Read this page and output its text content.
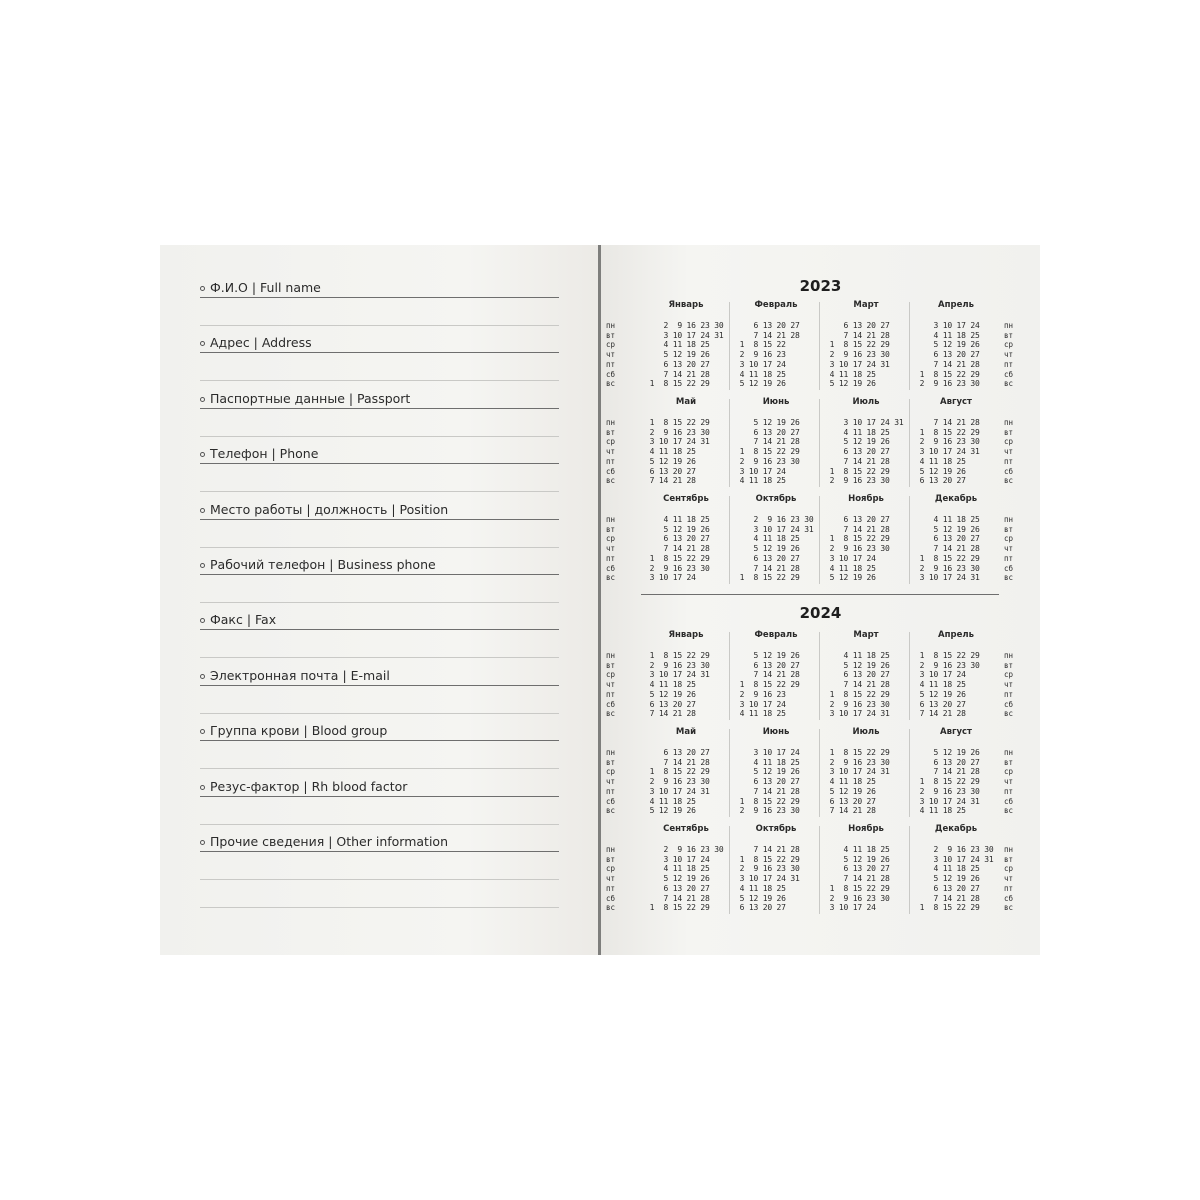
Ф.И.О | Full name
Адрес | Address
Паспортные данные | Passport
Телефон | Phone
Место работы | должность | Position
Рабочий телефон | Business phone
Факс | Fax
Электронная почта | E-mail
Группа крови | Blood group
Резус-фактор | Rh blood factor
Прочие сведения | Other information
2023
2024
пн
вт
ср
чт
пт
сб
вс
пн
вт
ср
чт
пт
сб
вс
Январь
2  9 16 23 30
3 10 17 24 31
4 11 18 25
5 12 19 26
6 13 20 27
7 14 21 28
1  8 15 22 29
Февраль
6 13 20 27
7 14 21 28
1  8 15 22
2  9 16 23
3 10 17 24
4 11 18 25
5 12 19 26
Март
6 13 20 27
7 14 21 28
1  8 15 22 29
2  9 16 23 30
3 10 17 24 31
4 11 18 25
5 12 19 26
Апрель
3 10 17 24
4 11 18 25
5 12 19 26
6 13 20 27
7 14 21 28
1  8 15 22 29
2  9 16 23 30
пн
вт
ср
чт
пт
сб
вс
пн
вт
ср
чт
пт
сб
вс
Май
1  8 15 22 29
2  9 16 23 30
3 10 17 24 31
4 11 18 25
5 12 19 26
6 13 20 27
7 14 21 28
Июнь
5 12 19 26
6 13 20 27
7 14 21 28
1  8 15 22 29
2  9 16 23 30
3 10 17 24
4 11 18 25
Июль
3 10 17 24 31
4 11 18 25
5 12 19 26
6 13 20 27
7 14 21 28
1  8 15 22 29
2  9 16 23 30
Август
7 14 21 28
1  8 15 22 29
2  9 16 23 30
3 10 17 24 31
4 11 18 25
5 12 19 26
6 13 20 27
пн
вт
ср
чт
пт
сб
вс
пн
вт
ср
чт
пт
сб
вс
Сентябрь
4 11 18 25
5 12 19 26
6 13 20 27
7 14 21 28
1  8 15 22 29
2  9 16 23 30
3 10 17 24
Октябрь
2  9 16 23 30
3 10 17 24 31
4 11 18 25
5 12 19 26
6 13 20 27
7 14 21 28
1  8 15 22 29
Ноябрь
6 13 20 27
7 14 21 28
1  8 15 22 29
2  9 16 23 30
3 10 17 24
4 11 18 25
5 12 19 26
Декабрь
4 11 18 25
5 12 19 26
6 13 20 27
7 14 21 28
1  8 15 22 29
2  9 16 23 30
3 10 17 24 31
пн
вт
ср
чт
пт
сб
вс
пн
вт
ср
чт
пт
сб
вс
Январь
1  8 15 22 29
2  9 16 23 30
3 10 17 24 31
4 11 18 25
5 12 19 26
6 13 20 27
7 14 21 28
Февраль
5 12 19 26
6 13 20 27
7 14 21 28
1  8 15 22 29
2  9 16 23
3 10 17 24
4 11 18 25
Март
4 11 18 25
5 12 19 26
6 13 20 27
7 14 21 28
1  8 15 22 29
2  9 16 23 30
3 10 17 24 31
Апрель
1  8 15 22 29
2  9 16 23 30
3 10 17 24
4 11 18 25
5 12 19 26
6 13 20 27
7 14 21 28
пн
вт
ср
чт
пт
сб
вс
пн
вт
ср
чт
пт
сб
вс
Май
6 13 20 27
7 14 21 28
1  8 15 22 29
2  9 16 23 30
3 10 17 24 31
4 11 18 25
5 12 19 26
Июнь
3 10 17 24
4 11 18 25
5 12 19 26
6 13 20 27
7 14 21 28
1  8 15 22 29
2  9 16 23 30
Июль
1  8 15 22 29
2  9 16 23 30
3 10 17 24 31
4 11 18 25
5 12 19 26
6 13 20 27
7 14 21 28
Август
5 12 19 26
6 13 20 27
7 14 21 28
1  8 15 22 29
2  9 16 23 30
3 10 17 24 31
4 11 18 25
пн
вт
ср
чт
пт
сб
вс
пн
вт
ср
чт
пт
сб
вс
Сентябрь
2  9 16 23 30
3 10 17 24
4 11 18 25
5 12 19 26
6 13 20 27
7 14 21 28
1  8 15 22 29
Октябрь
7 14 21 28
1  8 15 22 29
2  9 16 23 30
3 10 17 24 31
4 11 18 25
5 12 19 26
6 13 20 27
Ноябрь
4 11 18 25
5 12 19 26
6 13 20 27
7 14 21 28
1  8 15 22 29
2  9 16 23 30
3 10 17 24
Декабрь
2  9 16 23 30
3 10 17 24 31
4 11 18 25
5 12 19 26
6 13 20 27
7 14 21 28
1  8 15 22 29
